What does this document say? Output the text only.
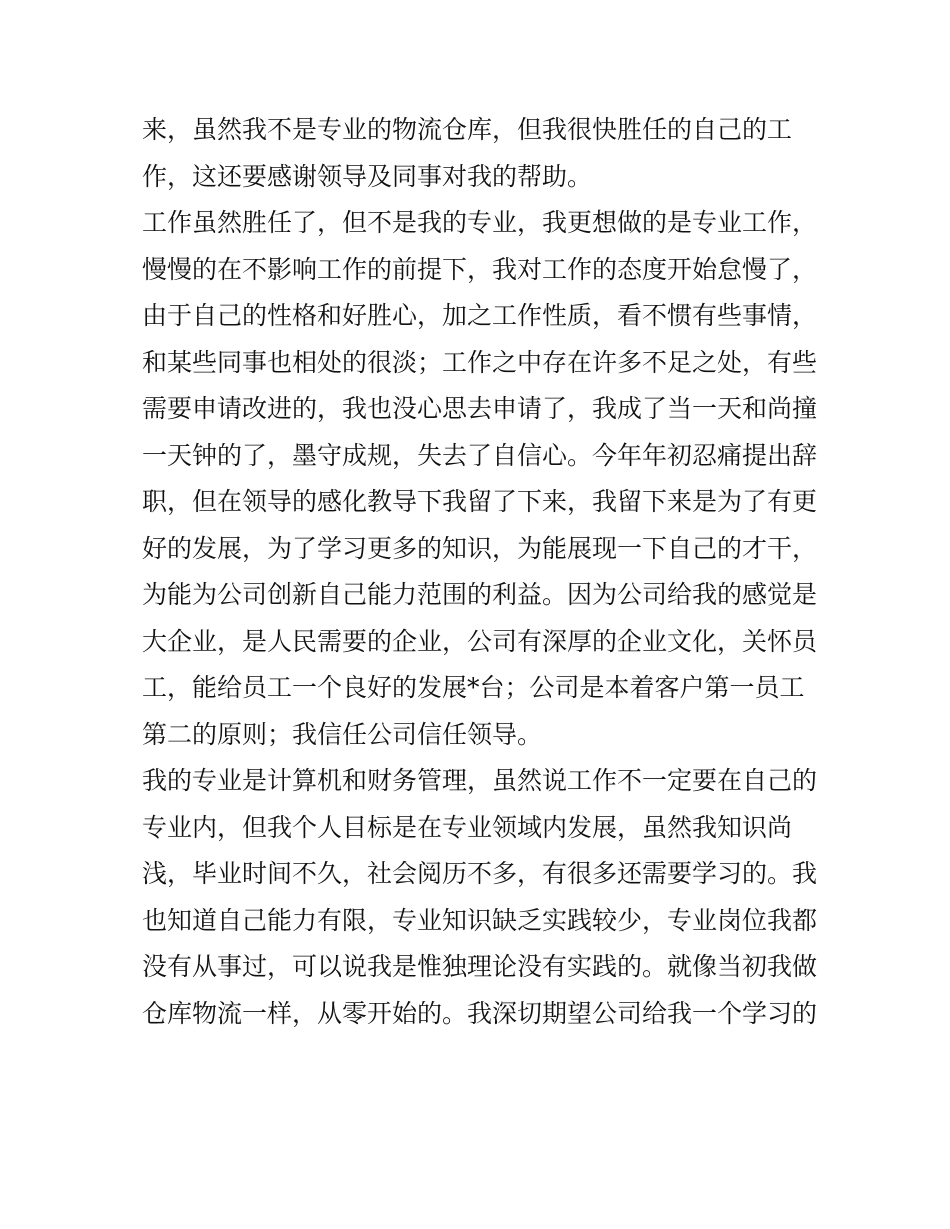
来，虽然我不是专业的物流仓库，但我很快胜任的自己的工
作，这还要感谢领导及同事对我的帮助。
工作虽然胜任了，但不是我的专业，我更想做的是专业工作，
慢慢的在不影响工作的前提下，我对工作的态度开始怠慢了，
由于自己的性格和好胜心，加之工作性质，看不惯有些事情，
和某些同事也相处的很淡；工作之中存在许多不足之处，有些
需要申请改进的，我也没心思去申请了，我成了当一天和尚撞
一天钟的了，墨守成规，失去了自信心。今年年初忍痛提出辞
职，但在领导的感化教导下我留了下来，我留下来是为了有更
好的发展，为了学习更多的知识，为能展现一下自己的才干，
为能为公司创新自己能力范围的利益。因为公司给我的感觉是
大企业，是人民需要的企业，公司有深厚的企业文化，关怀员
工，能给员工一个良好的发展*台；公司是本着客户第一员工
第二的原则；我信任公司信任领导。
我的专业是计算机和财务管理，虽然说工作不一定要在自己的
专业内，但我个人目标是在专业领域内发展，虽然我知识尚
浅，毕业时间不久，社会阅历不多，有很多还需要学习的。我
也知道自己能力有限，专业知识缺乏实践较少，专业岗位我都
没有从事过，可以说我是惟独理论没有实践的。就像当初我做
仓库物流一样，从零开始的。我深切期望公司给我一个学习的
